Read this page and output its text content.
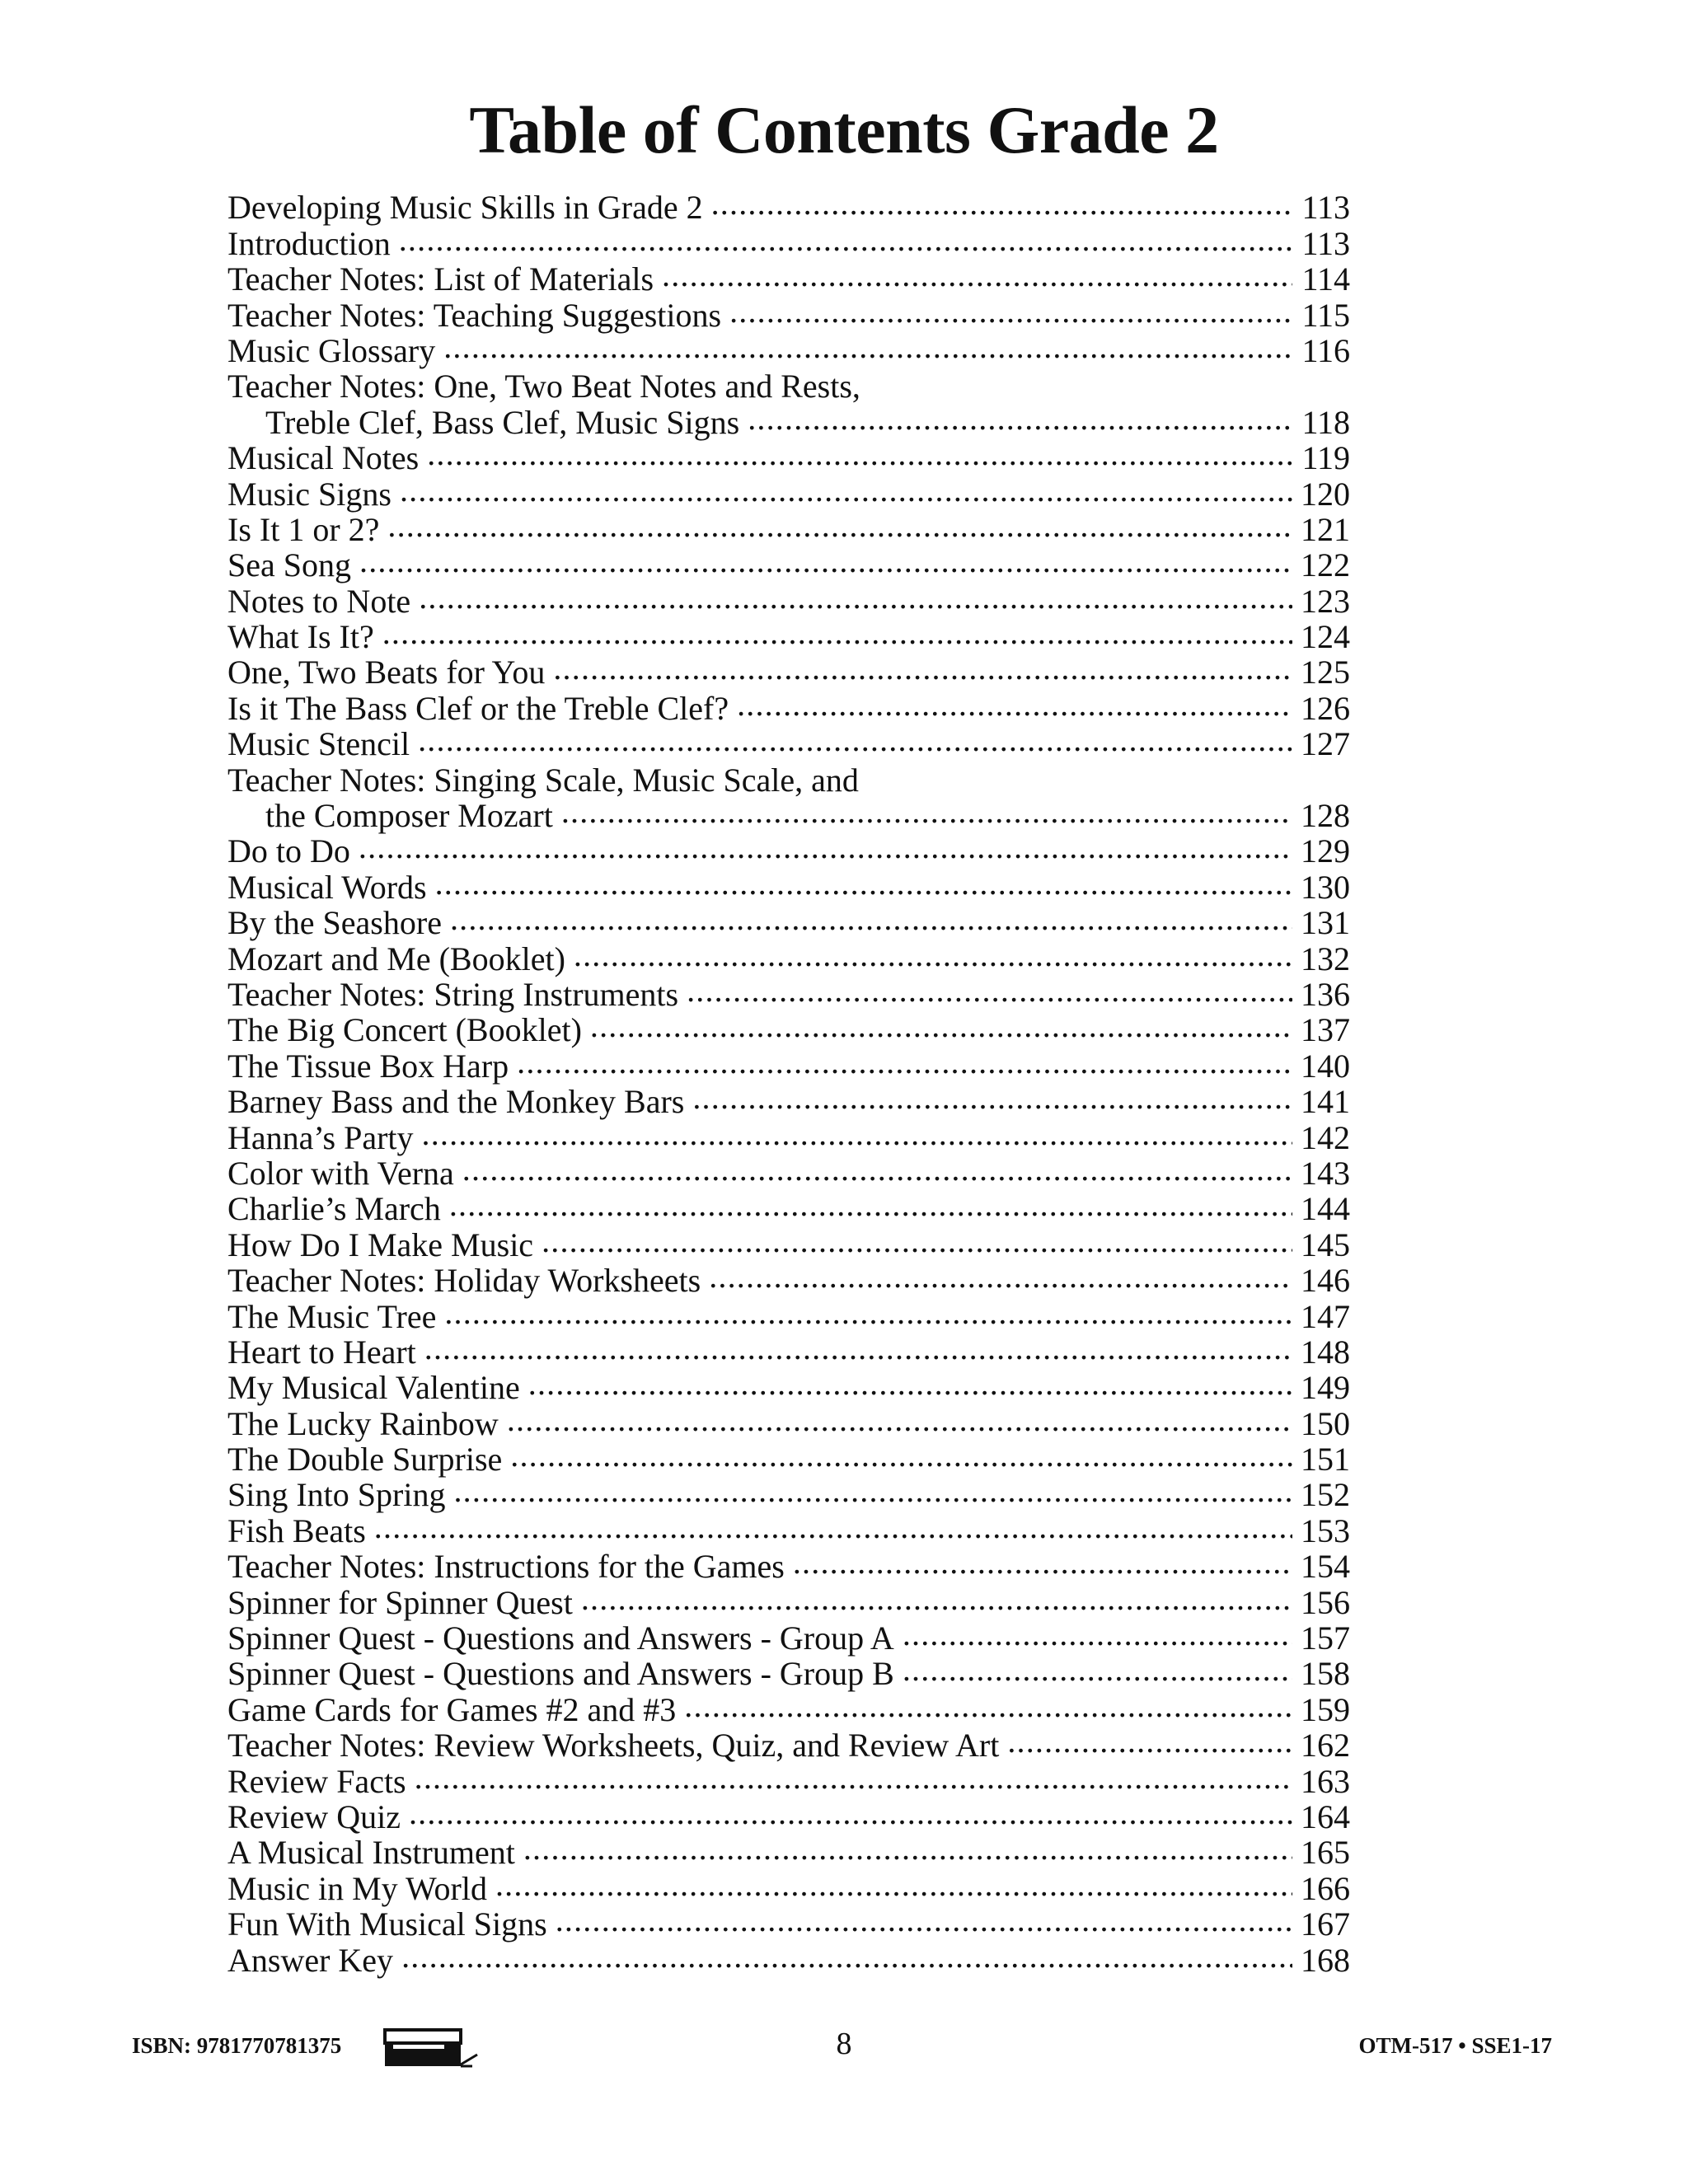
Table of Contents Grade 2
Developing Music Skills in Grade 2 .....	113
Introduction .....	113
Teacher Notes: List of Materials .....	114
Teacher Notes: Teaching Suggestions .....	115
Music Glossary .....	116
Teacher Notes: One, Two Beat Notes and Rests,
Treble Clef, Bass Clef, Music Signs .....	118
Musical Notes .....	119
Music Signs .....	120
Is It 1 or 2? .....	121
Sea Song .....	122
Notes to Note .....	123
What Is It? .....	124
One, Two Beats for You .....	125
Is it The Bass Clef or the Treble Clef? .....	126
Music Stencil .....	127
Teacher Notes: Singing Scale, Music Scale, and
the Composer Mozart .....	128
Do to Do .....	129
Musical Words .....	130
By the Seashore .....	131
Mozart and Me (Booklet) .....	132
Teacher Notes: String Instruments .....	136
The Big Concert (Booklet) .....	137
The Tissue Box Harp .....	140
Barney Bass and the Monkey Bars .....	141
Hanna’s Party .....	142
Color with Verna .....	143
Charlie’s March .....	144
How Do I Make Music .....	145
Teacher Notes: Holiday Worksheets .....	146
The Music Tree .....	147
Heart to Heart .....	148
My Musical Valentine .....	149
The Lucky Rainbow .....	150
The Double Surprise .....	151
Sing Into Spring .....	152
Fish Beats .....	153
Teacher Notes: Instructions for the Games .....	154
Spinner for Spinner Quest .....	156
Spinner Quest - Questions and Answers - Group A .....	157
Spinner Quest - Questions and Answers - Group B .....	158
Game Cards for Games #2 and #3 .....	159
Teacher Notes: Review Worksheets, Quiz, and Review Art .....	162
Review Facts .....	163
Review Quiz .....	164
A Musical Instrument .....	165
Music in My World .....	166
Fun With Musical Signs .....	167
Answer Key .....	168
ISBN: 9781770781375	8	OTM-517 • SSE1-17
